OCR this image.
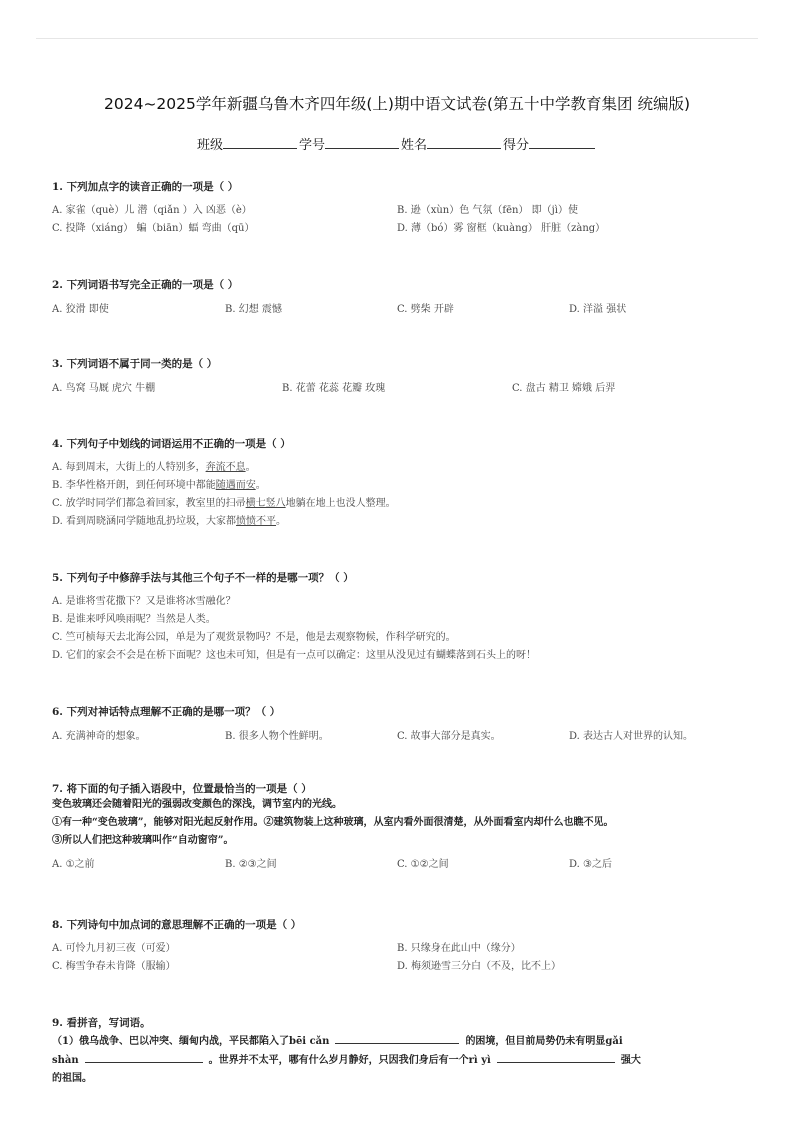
2024~2025学年新疆乌鲁木齐四年级(上)期中语文试卷(第五十中学教育集团 统编版)
班级	学号	姓名	得分
1. 下列加点字的读音正确的一项是（ ）
A. 家雀（què）儿 潜（qiǎn ）入 凶恶（è）	B. 逊（xùn）色 气氛（fēn） 即（jì）使
C. 投降（xiáng） 蝙（biān）蝠 弯曲（qū）	D. 薄（bó）雾 窗框（kuàng） 肝脏（zàng）
2. 下列词语书写完全正确的一项是（ ）
A. 狡滑 即使	B. 幻想 震憾	C. 劈柴 开辟	D. 洋溢 强状
3. 下列词语不属于同一类的是（ ）
A. 鸟窝 马厩 虎穴 牛棚	B. 花蕾 花蕊 花瓣 玫瑰	C. 盘古 精卫 嫦娥 后羿
4. 下列句子中划线的词语运用不正确的一项是（ ）
A. 每到周末，大街上的人特别多，奔流不息。
B. 李华性格开朗，到任何环境中都能随遇而安。
C. 放学时同学们都急着回家，教室里的扫帚横七竖八地躺在地上也没人整理。
D. 看到周晓涵同学随地乱扔垃圾，大家都愤愤不平。
5. 下列句子中修辞手法与其他三个句子不一样的是哪一项？（ ）
A. 是谁将雪花撒下？又是谁将冰雪融化？
B. 是谁来呼风唤雨呢？当然是人类。
C. 竺可桢每天去北海公园，单是为了观赏景物吗？不是，他是去观察物候，作科学研究的。
D. 它们的家会不会是在桥下面呢？这也未可知，但是有一点可以确定：这里从没见过有蝴蝶落到石头上的呀！
6. 下列对神话特点理解不正确的是哪一项？（ ）
A. 充满神奇的想象。	B. 很多人物个性鲜明。	C. 故事大部分是真实。	D. 表达古人对世界的认知。
7. 将下面的句子插入语段中，位置最恰当的一项是（ ）
变色玻璃还会随着阳光的强弱改变颜色的深浅，调节室内的光线。
①有一种“变色玻璃”，能够对阳光起反射作用。②建筑物装上这种玻璃，从室内看外面很清楚，从外面看室内却什么也瞧不见。
③所以人们把这种玻璃叫作“自动窗帘”。
A. ①之前	B. ②③之间	C. ①②之间	D. ③之后
8. 下列诗句中加点词的意思理解不正确的一项是（ ）
A. 可怜九月初三夜（可爱）	B. 只缘身在此山中（缘分）
C. 梅雪争春未肯降（服输）	D. 梅须逊雪三分白（不及，比不上）
9. 看拼音，写词语。
（1）俄乌战争、巴以冲突、缅甸内战，平民都陷入了bēi cǎn	的困境，但目前局势仍未有明显gǎi
shàn	。世界并不太平，哪有什么岁月静好，只因我们身后有一个rì yì	强大
的祖国。
